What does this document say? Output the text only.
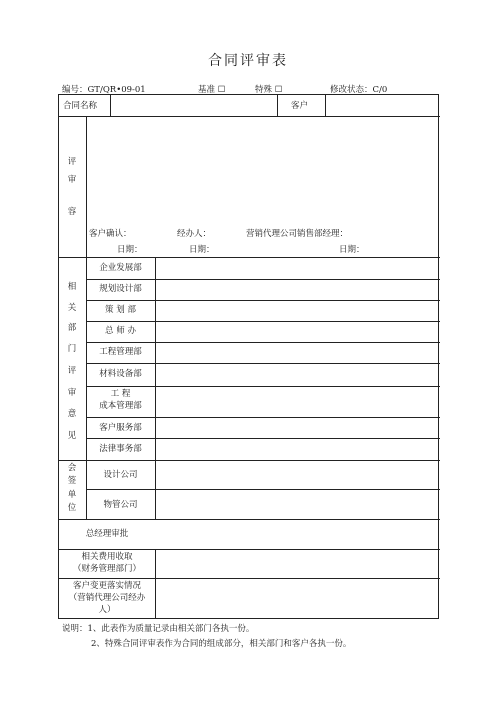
合同评审表
编号：GT/QR•09-01	基准 ☐	特殊 ☐	修改状态：C/0
合同名称	客户
评
审
容
客户确认：	经办人：	营销代理公司销售部经理：
日期：	日期：	日期：
相
关
部
门
评
审
意
见
企业发展部
规划设计部
策 划 部
总 师 办
工程管理部
材料设备部
工 程
成本管理部
客户服务部
法律事务部
会
签
单
位
设计公司
物管公司
总经理审批
相关费用收取
（财务管理部门）
客户变更落实情况
（营销代理公司经办
人）
说明：1、此表作为质量记录由相关部门各执一份。
2、特殊合同评审表作为合同的组成部分，相关部门和客户各执一份。
